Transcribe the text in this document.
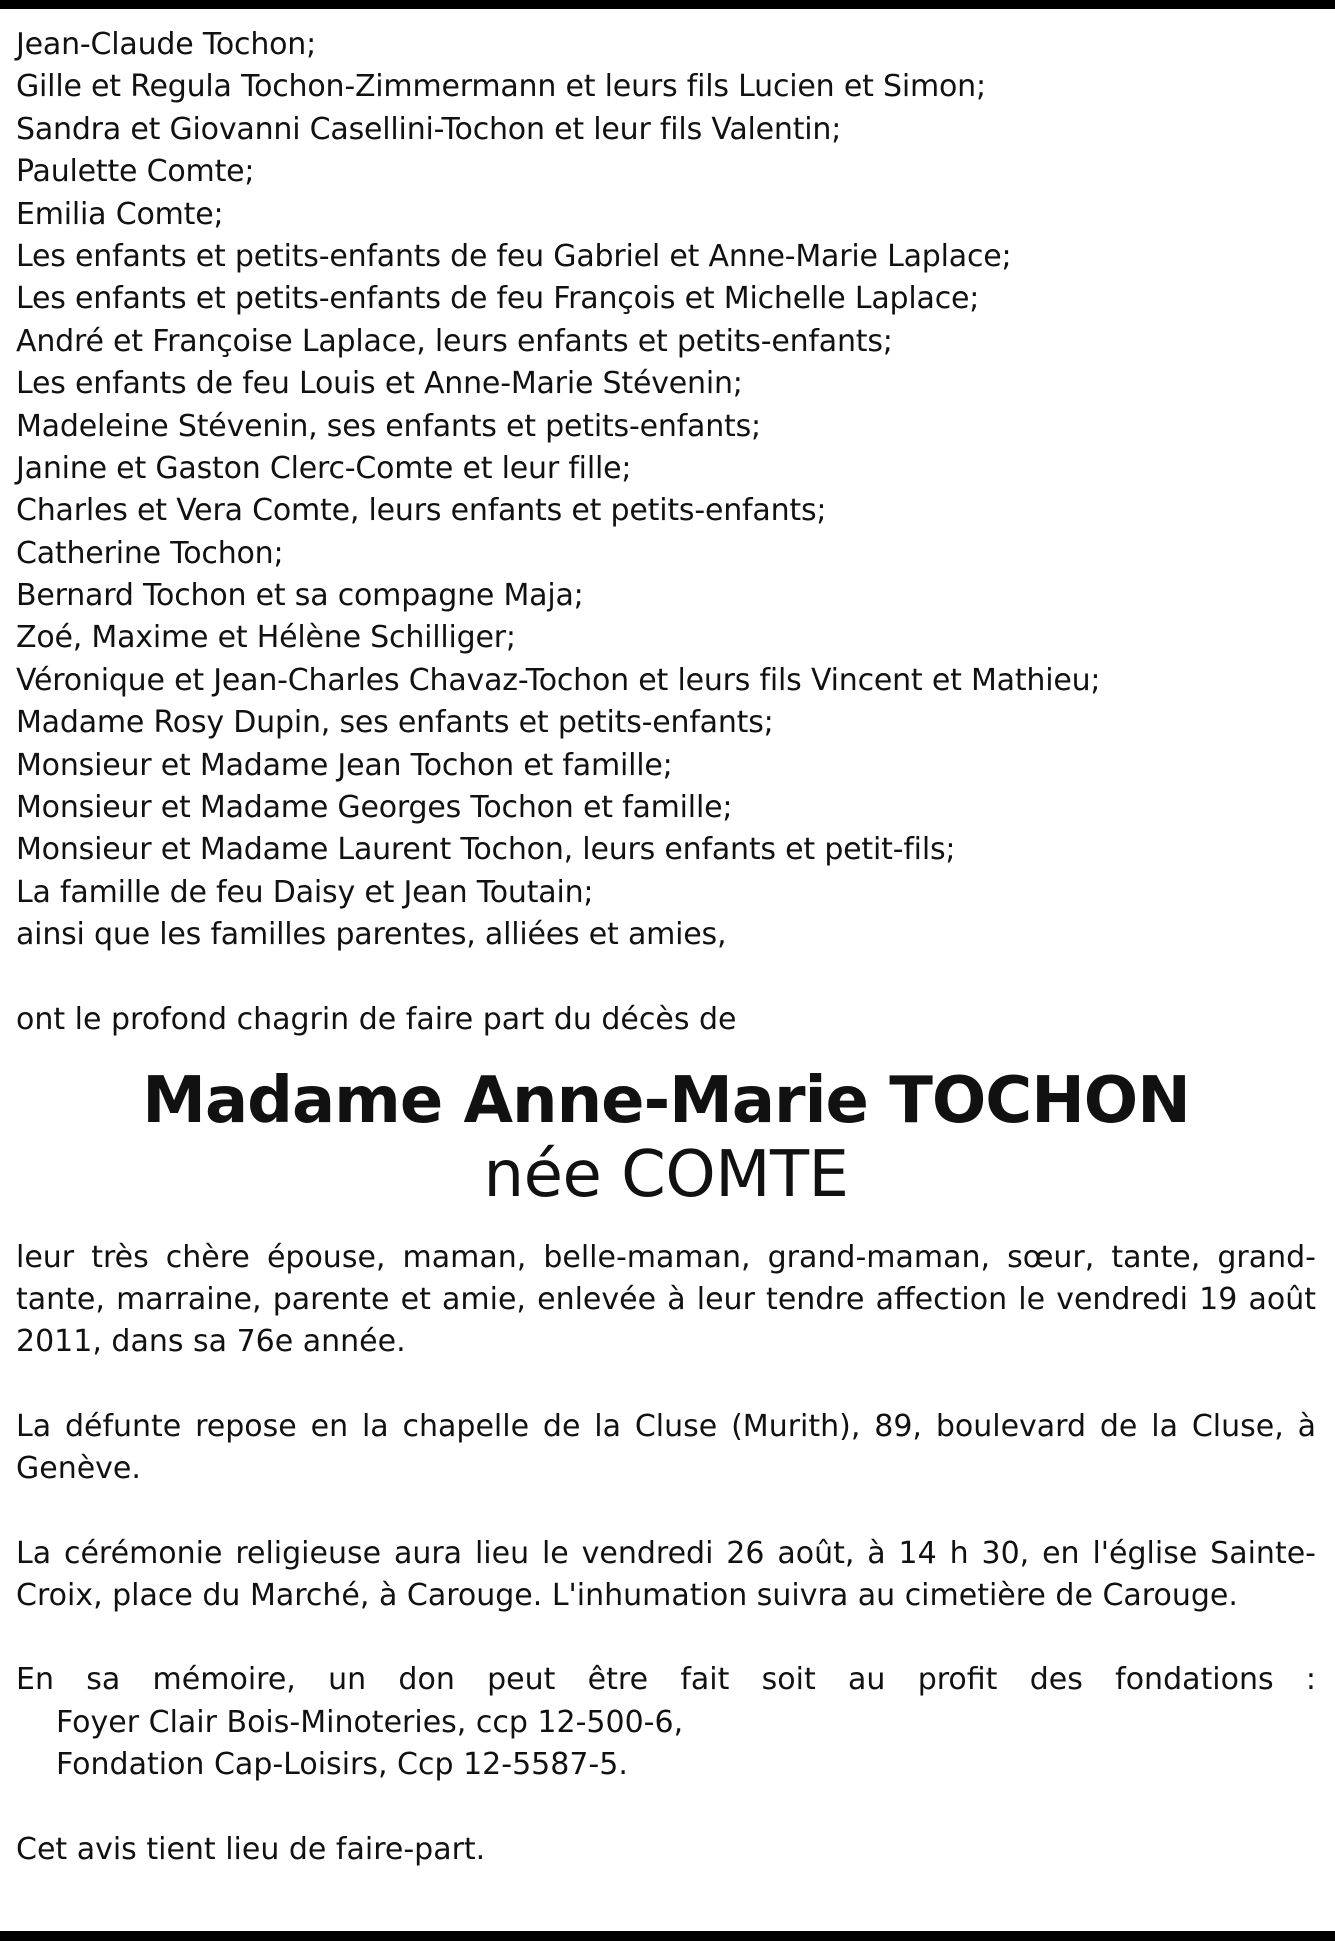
Jean-Claude Tochon;
Gille et Regula Tochon-Zimmermann et leurs fils Lucien et Simon;
Sandra et Giovanni Casellini-Tochon et leur fils Valentin;
Paulette Comte;
Emilia Comte;
Les enfants et petits-enfants de feu Gabriel et Anne-Marie Laplace;
Les enfants et petits-enfants de feu François et Michelle Laplace;
André et Françoise Laplace, leurs enfants et petits-enfants;
Les enfants de feu Louis et Anne-Marie Stévenin;
Madeleine Stévenin, ses enfants et petits-enfants;
Janine et Gaston Clerc-Comte et leur fille;
Charles et Vera Comte, leurs enfants et petits-enfants;
Catherine Tochon;
Bernard Tochon et sa compagne Maja;
Zoé, Maxime et Hélène Schilliger;
Véronique et Jean-Charles Chavaz-Tochon et leurs fils Vincent et Mathieu;
Madame Rosy Dupin, ses enfants et petits-enfants;
Monsieur et Madame Jean Tochon et famille;
Monsieur et Madame Georges Tochon et famille;
Monsieur et Madame Laurent Tochon, leurs enfants et petit-fils;
La famille de feu Daisy et Jean Toutain;
ainsi que les familles parentes, alliées et amies,
ont le profond chagrin de faire part du décès de
Madame Anne-Marie TOCHON
née COMTE
leur très chère épouse, maman, belle-maman, grand-maman, sœur, tante, grand-tante, marraine, parente et amie, enlevée à leur tendre affection le vendredi 19 août 2011, dans sa 76e année.
La défunte repose en la chapelle de la Cluse (Murith), 89, boulevard de la Cluse, à Genève.
La cérémonie religieuse aura lieu le vendredi 26 août, à 14 h 30, en l'église Sainte-Croix, place du Marché, à Carouge. L'inhumation suivra au cimetière de Carouge.
En sa mémoire, un don peut être fait soit au profit des fondations :
Foyer Clair Bois-Minoteries, ccp 12-500-6,
Fondation Cap-Loisirs, Ccp 12-5587-5.
Cet avis tient lieu de faire-part.
